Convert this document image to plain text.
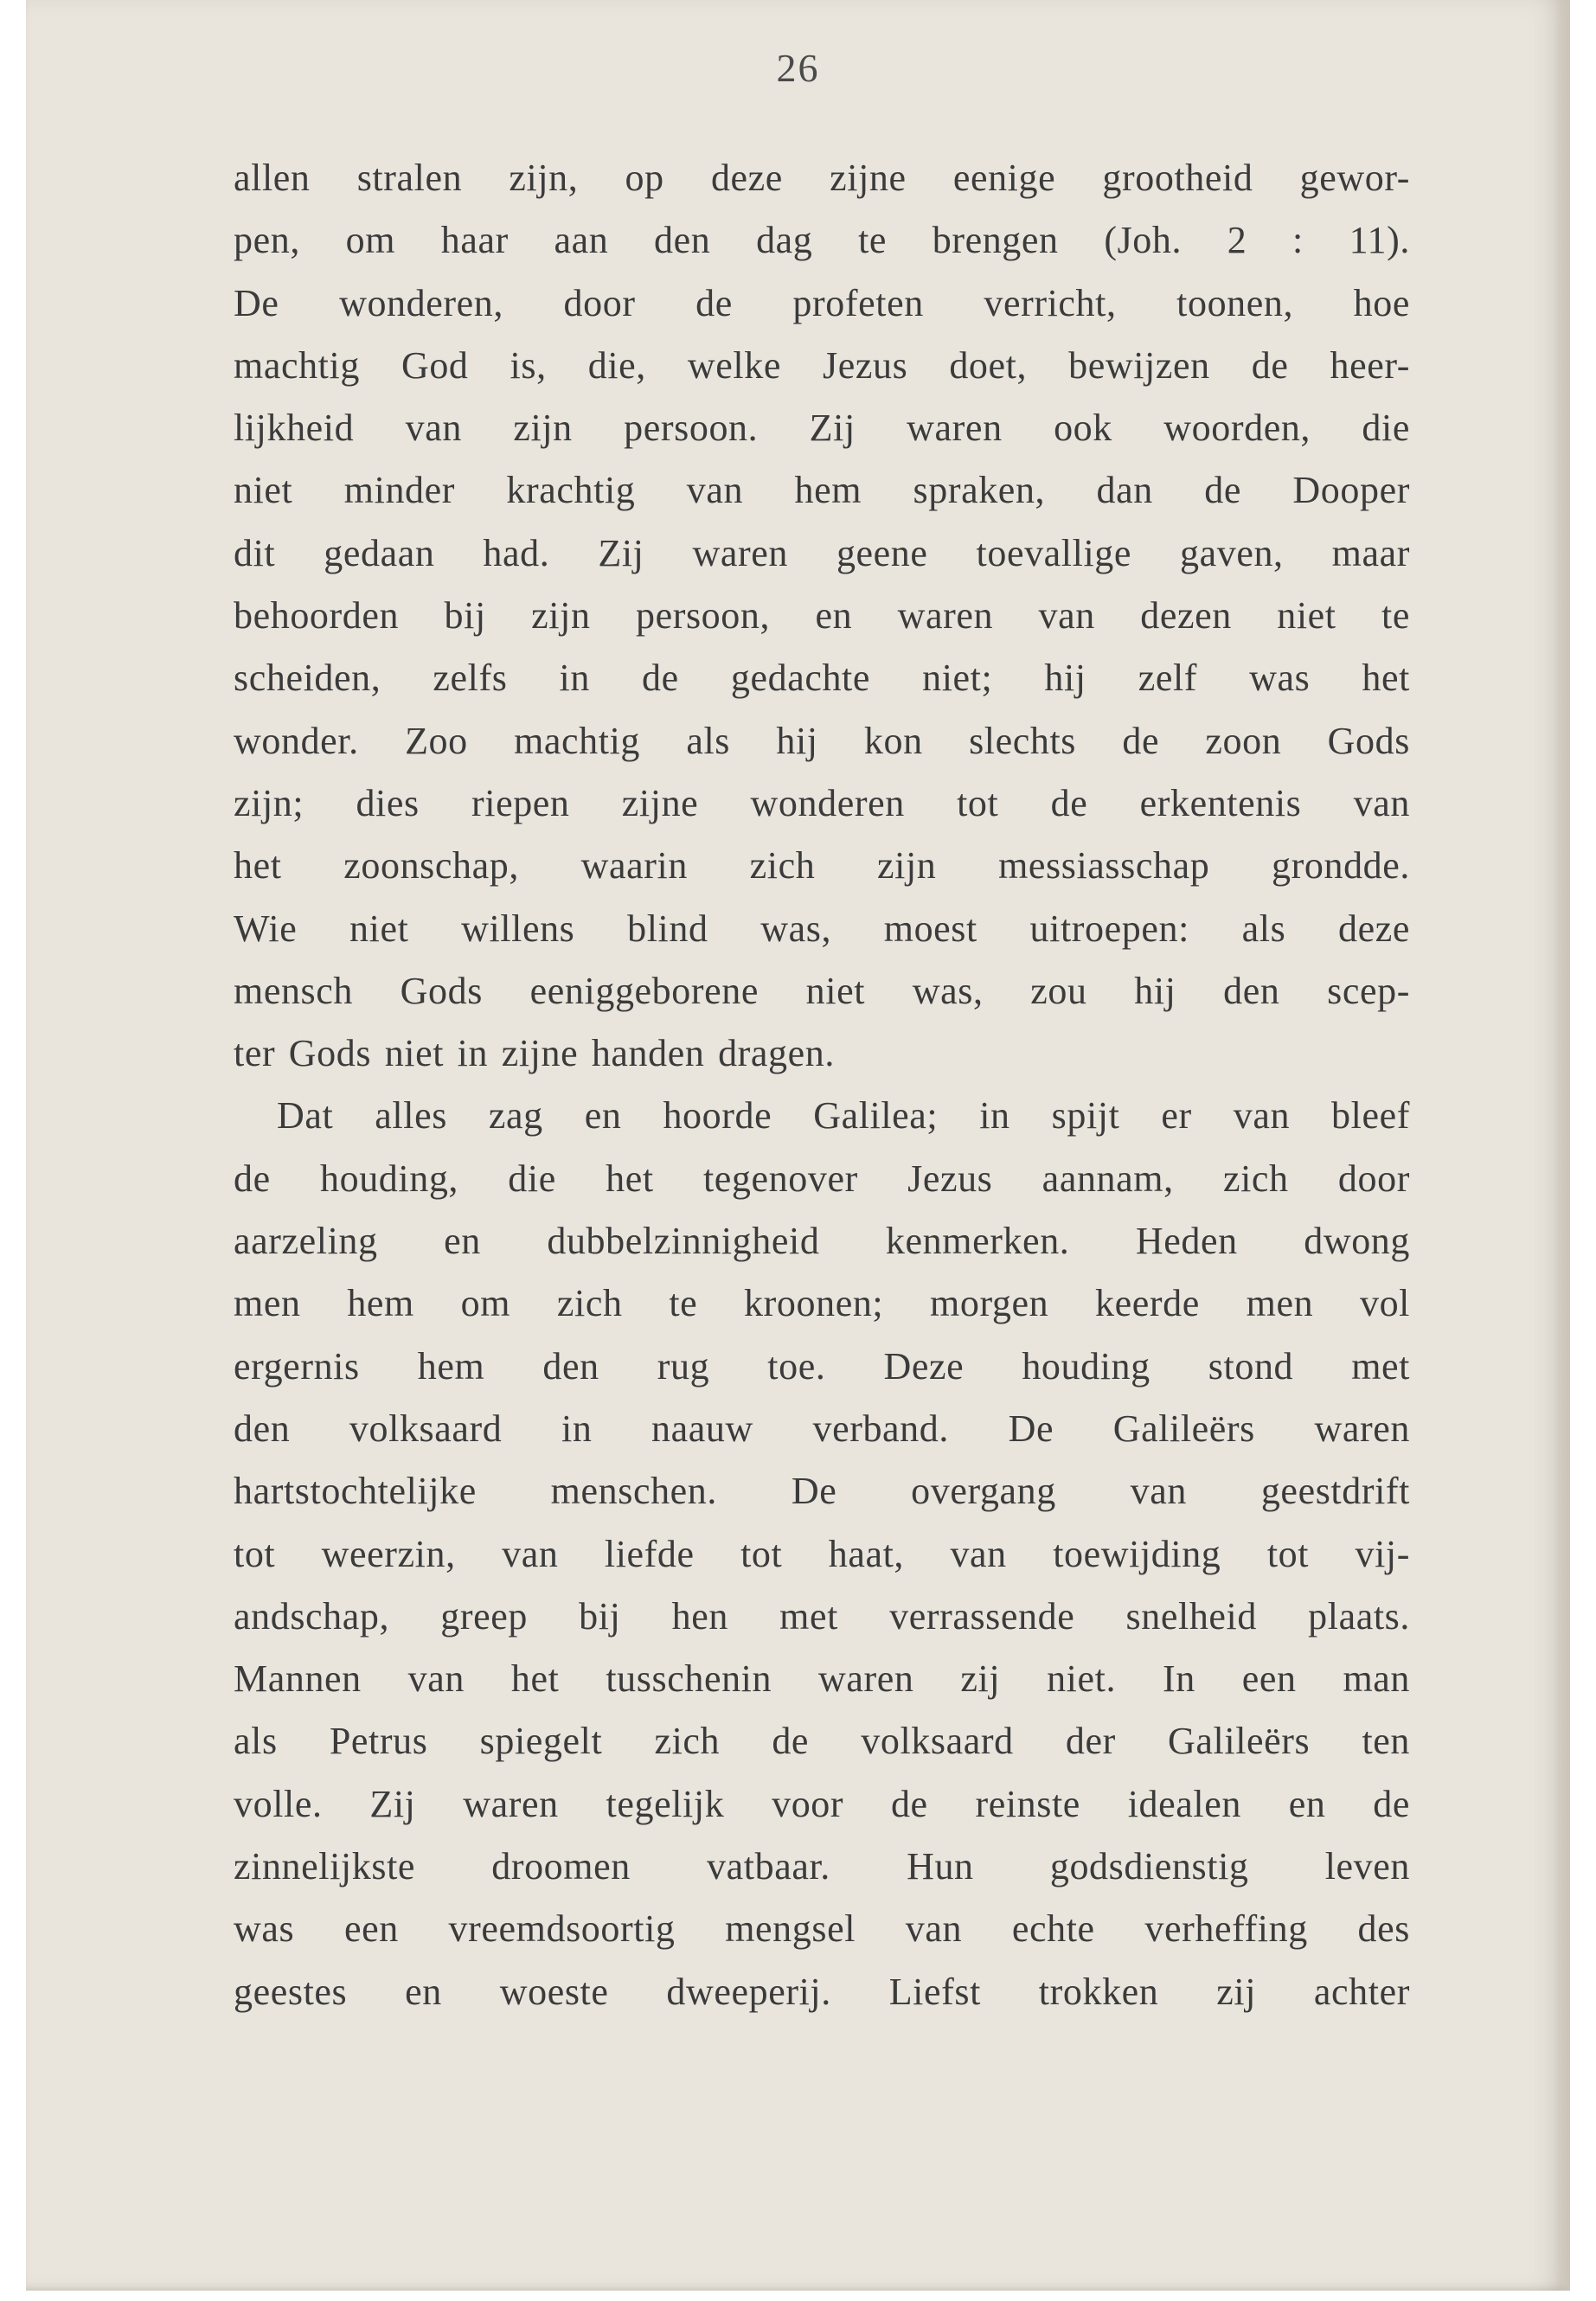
26
allen stralen zijn, op deze zijne eenige grootheid gewor-
pen, om haar aan den dag te brengen (Joh. 2 : 11).
De wonderen, door de profeten verricht, toonen, hoe
machtig God is, die, welke Jezus doet, bewijzen de heer-
lijkheid van zijn persoon. Zij waren ook woorden, die
niet minder krachtig van hem spraken, dan de Dooper
dit gedaan had. Zij waren geene toevallige gaven, maar
behoorden bij zijn persoon, en waren van dezen niet te
scheiden, zelfs in de gedachte niet; hij zelf was het
wonder. Zoo machtig als hij kon slechts de zoon Gods
zijn; dies riepen zijne wonderen tot de erkentenis van
het zoonschap, waarin zich zijn messiasschap grondde.
Wie niet willens blind was, moest uitroepen: als deze
mensch Gods eeniggeborene niet was, zou hij den scep-
ter Gods niet in zijne handen dragen.
Dat alles zag en hoorde Galilea; in spijt er van bleef
de houding, die het tegenover Jezus aannam, zich door
aarzeling en dubbelzinnigheid kenmerken. Heden dwong
men hem om zich te kroonen; morgen keerde men vol
ergernis hem den rug toe. Deze houding stond met
den volksaard in naauw verband. De Galileërs waren
hartstochtelijke menschen. De overgang van geestdrift
tot weerzin, van liefde tot haat, van toewijding tot vij-
andschap, greep bij hen met verrassende snelheid plaats.
Mannen van het tusschenin waren zij niet. In een man
als Petrus spiegelt zich de volksaard der Galileërs ten
volle. Zij waren tegelijk voor de reinste idealen en de
zinnelijkste droomen vatbaar. Hun godsdienstig leven
was een vreemdsoortig mengsel van echte verheffing des
geestes en woeste dweeperij. Liefst trokken zij achter
